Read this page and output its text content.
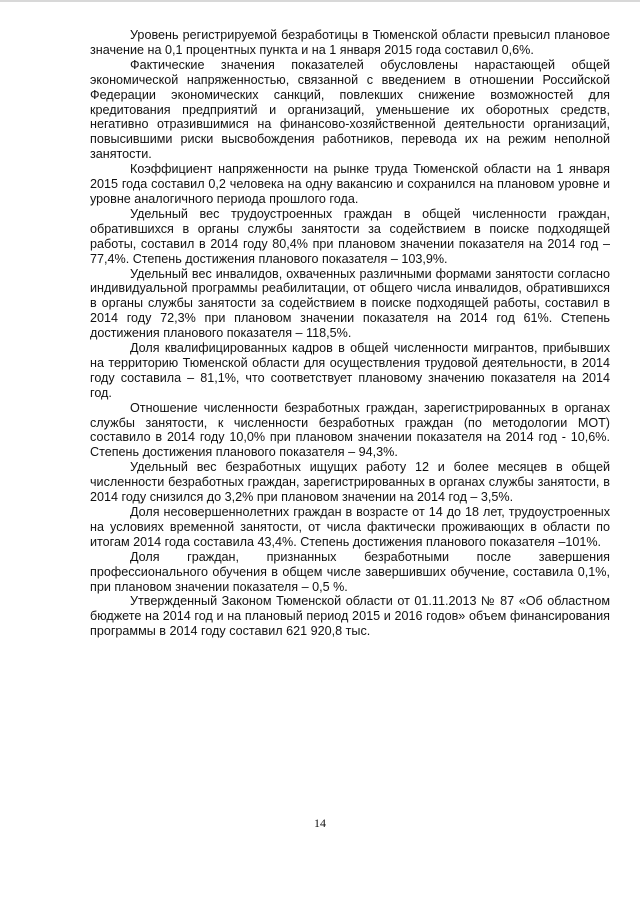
Уровень регистрируемой безработицы в Тюменской области превысил плановое значение на 0,1 процентных пункта и на 1 января 2015 года составил 0,6%.

Фактические значения показателей обусловлены нарастающей общей экономической напряженностью, связанной с введением в отношении Российской Федерации экономических санкций, повлекших снижение возможностей для кредитования предприятий и организаций, уменьшение их оборотных средств, негативно отразившимися на финансово-хозяйственной деятельности организаций, повысившими риски высвобождения работников, перевода их на режим неполной занятости.

Коэффициент напряженности на рынке труда Тюменской области на 1 января 2015 года составил 0,2 человека на одну вакансию и сохранился на плановом уровне и уровне аналогичного периода прошлого года.

Удельный вес трудоустроенных граждан в общей численности граждан, обратившихся в органы службы занятости за содействием в поиске подходящей работы, составил в 2014 году 80,4% при плановом значении показателя на 2014 год – 77,4%. Степень достижения планового показателя – 103,9%.

Удельный вес инвалидов, охваченных различными формами занятости согласно индивидуальной программы реабилитации, от общего числа инвалидов, обратившихся в органы службы занятости за содействием в поиске подходящей работы, составил в 2014 году 72,3% при плановом значении показателя на 2014 год 61%. Степень достижения планового показателя – 118,5%.

Доля квалифицированных кадров в общей численности мигрантов, прибывших на территорию Тюменской области для осуществления трудовой деятельности, в 2014 году составила – 81,1%, что соответствует плановому значению показателя на 2014 год.

Отношение численности безработных граждан, зарегистрированных в органах службы занятости, к численности безработных граждан (по методологии МОТ) составило в 2014 году 10,0% при плановом значении показателя на 2014 год - 10,6%. Степень достижения планового показателя – 94,3%.

Удельный вес безработных ищущих работу 12 и более месяцев в общей численности безработных граждан, зарегистрированных в органах службы занятости, в 2014 году снизился до 3,2% при плановом значении на 2014 год – 3,5%.

Доля несовершеннолетних граждан в возрасте от 14 до 18 лет, трудоустроенных на условиях временной занятости, от числа фактически проживающих в области по итогам 2014 года составила 43,4%. Степень достижения планового показателя –101%.

Доля граждан, признанных безработными после завершения профессионального обучения в общем числе завершивших обучение, составила 0,1%, при плановом значении показателя – 0,5 %.

Утвержденный Законом Тюменской области от 01.11.2013 № 87 «Об областном бюджете на 2014 год и на плановый период 2015 и 2016 годов» объем финансирования программы в 2014 году составил 621 920,8 тыс.

14
